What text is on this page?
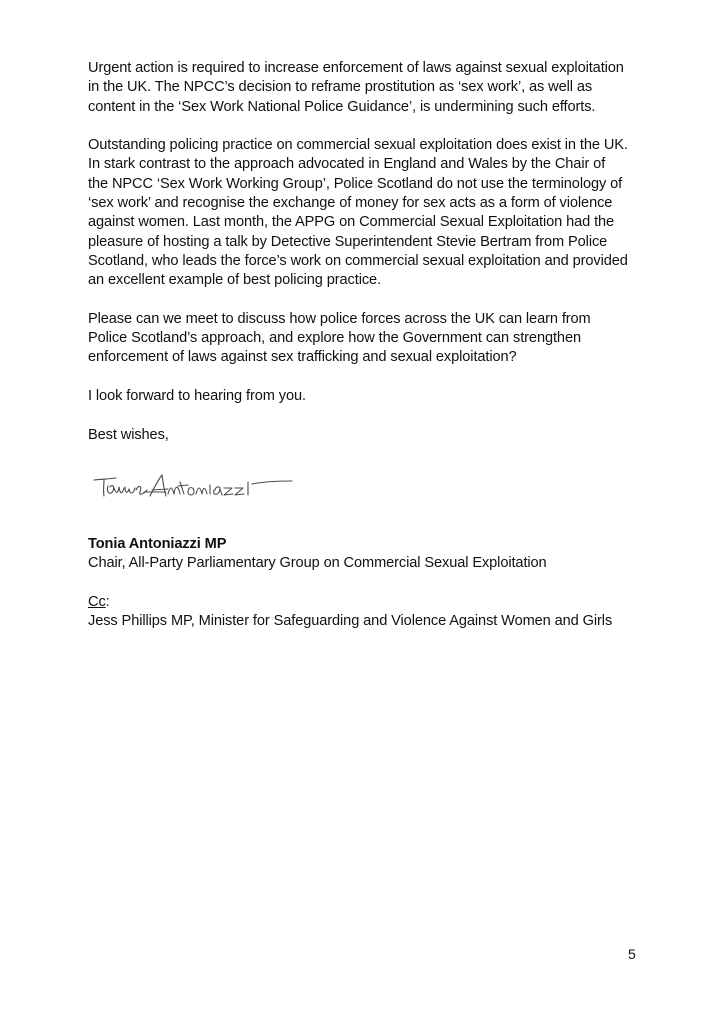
Urgent action is required to increase enforcement of laws against sexual exploitation
in the UK. The NPCC’s decision to reframe prostitution as ‘sex work’, as well as
content in the ‘Sex Work National Police Guidance’, is undermining such efforts.

Outstanding policing practice on commercial sexual exploitation does exist in the UK.
In stark contrast to the approach advocated in England and Wales by the Chair of
the NPCC ‘Sex Work Working Group’, Police Scotland do not use the terminology of
‘sex work’ and recognise the exchange of money for sex acts as a form of violence
against women. Last month, the APPG on Commercial Sexual Exploitation had the
pleasure of hosting a talk by Detective Superintendent Stevie Bertram from Police
Scotland, who leads the force’s work on commercial sexual exploitation and provided
an excellent example of best policing practice.

Please can we meet to discuss how police forces across the UK can learn from
Police Scotland’s approach, and explore how the Government can strengthen
enforcement of laws against sex trafficking and sexual exploitation?

I look forward to hearing from you.

Best wishes,

Tonia Antoniazzi MP
Chair, All-Party Parliamentary Group on Commercial Sexual Exploitation
Cc:
Jess Phillips MP, Minister for Safeguarding and Violence Against Women and Girls
5
